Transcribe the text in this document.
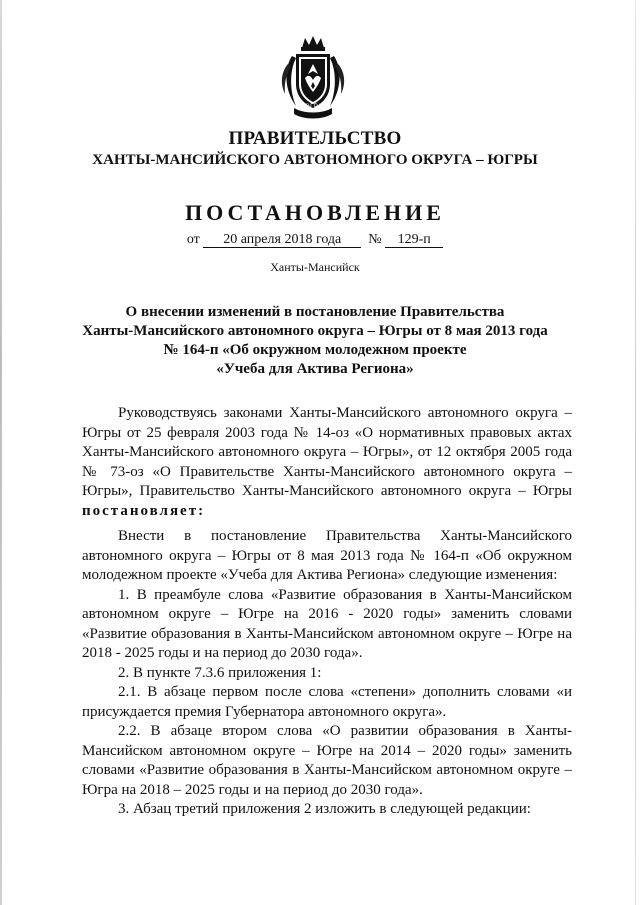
ЮГРА
ПРАВИТЕЛЬСТВО
ХАНТЫ-МАНСИЙСКОГО АВТОНОМНОГО ОКРУГА – ЮГРЫ
ПОСТАНОВЛЕНИЕ
от 20 апреля 2018 года № 129-п
Ханты-Мансийск
О внесении изменений в постановление Правительства
Ханты-Мансийского автономного округа – Югры от 8 мая 2013 года
№ 164-п «Об окружном молодежном проекте
«Учеба для Актива Региона»

Руководствуясь законами Ханты-Мансийского автономного округа – Югры от 25 февраля 2003 года № 14-оз «О нормативных правовых актах Ханты-Мансийского автономного округа – Югры», от 12 октября 2005 года № 73-оз «О Правительстве Ханты-Мансийского автономного округа – Югры», Правительство Ханты-Мансийского автономного округа – Югры постановляет:

Внести в постановление Правительства Ханты-Мансийского автономного округа – Югры от 8 мая 2013 года № 164-п «Об окружном молодежном проекте «Учеба для Актива Региона» следующие изменения:

1. В преамбуле слова «Развитие образования в Ханты-Мансийском автономном округе – Югре на 2016 - 2020 годы» заменить словами «Развитие образования в Ханты-Мансийском автономном округе – Югре на 2018 - 2025 годы и на период до 2030 года».

2. В пункте 7.3.6 приложения 1:

2.1. В абзаце первом после слова «степени» дополнить словами «и присуждается премия Губернатора автономного округа».

2.2. В абзаце втором слова «О развитии образования в Ханты-Мансийском автономном округе – Югре на 2014 – 2020 годы» заменить словами «Развитие образования в Ханты-Мансийском автономном округе – Югра на 2018 – 2025 годы и на период до 2030 года».

3. Абзац третий приложения 2 изложить в следующей редакции:
